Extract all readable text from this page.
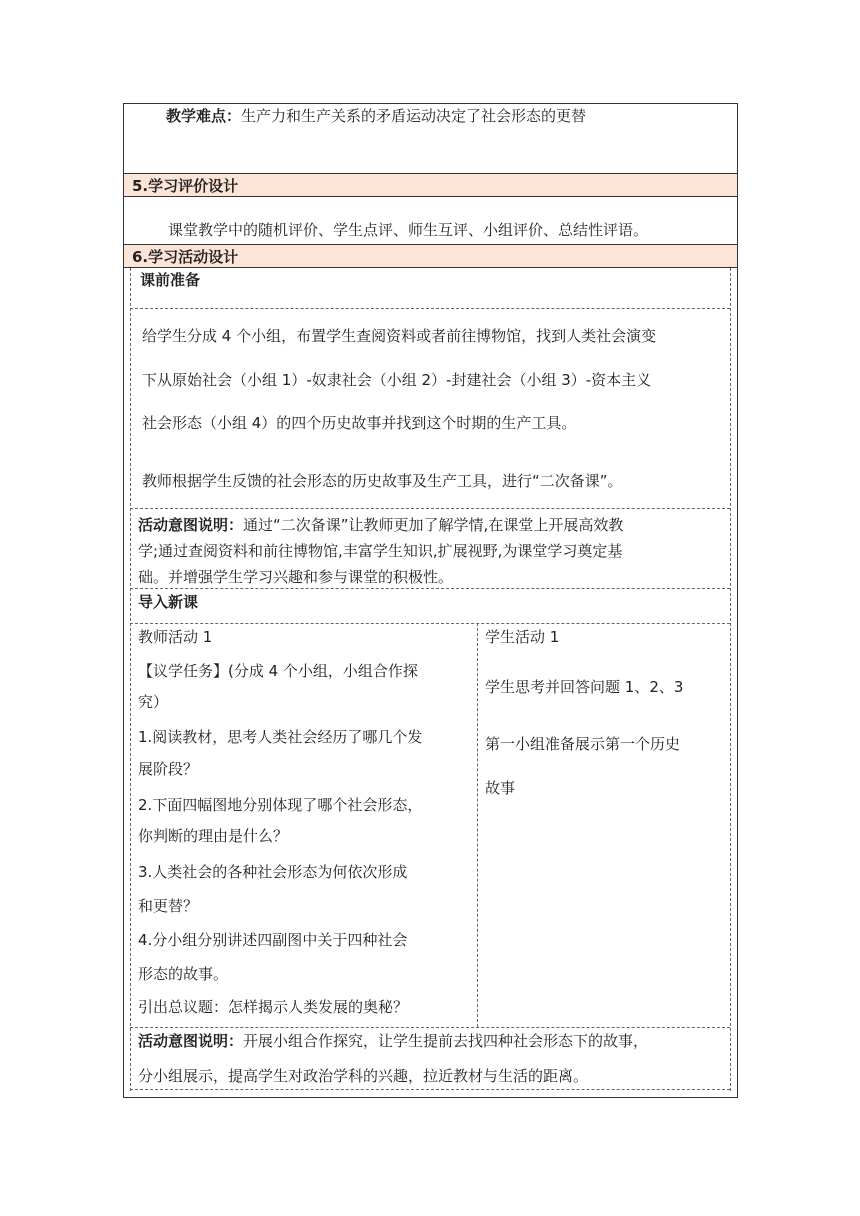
教学难点：生产力和生产关系的矛盾运动决定了社会形态的更替
5.学习评价设计
课堂教学中的随机评价、学生点评、师生互评、小组评价、总结性评语。
6.学习活动设计
课前准备
给学生分成 4 个小组，布置学生查阅资料或者前往博物馆，找到人类社会演变
下从原始社会（小组 1）-奴隶社会（小组 2）-封建社会（小组 3）-资本主义
社会形态（小组 4）的四个历史故事并找到这个时期的生产工具。
教师根据学生反馈的社会形态的历史故事及生产工具，进行“二次备课”。
活动意图说明：通过“二次备课”让教师更加了解学情,在课堂上开展高效教
学;通过查阅资料和前往博物馆,丰富学生知识,扩展视野,为课堂学习奠定基
础。并增强学生学习兴趣和参与课堂的积极性。
导入新课
教师活动 1
【议学任务】(分成 4 个小组，小组合作探
究）
1.阅读教材，思考人类社会经历了哪几个发
展阶段？
2.下面四幅图地分别体现了哪个社会形态，
你判断的理由是什么？
3.人类社会的各种社会形态为何依次形成
和更替？
4.分小组分别讲述四副图中关于四种社会
形态的故事。
引出总议题：怎样揭示人类发展的奥秘？
学生活动 1
学生思考并回答问题 1、2、3
第一小组准备展示第一个历史
故事
活动意图说明：开展小组合作探究，让学生提前去找四种社会形态下的故事，
分小组展示，提高学生对政治学科的兴趣，拉近教材与生活的距离。
